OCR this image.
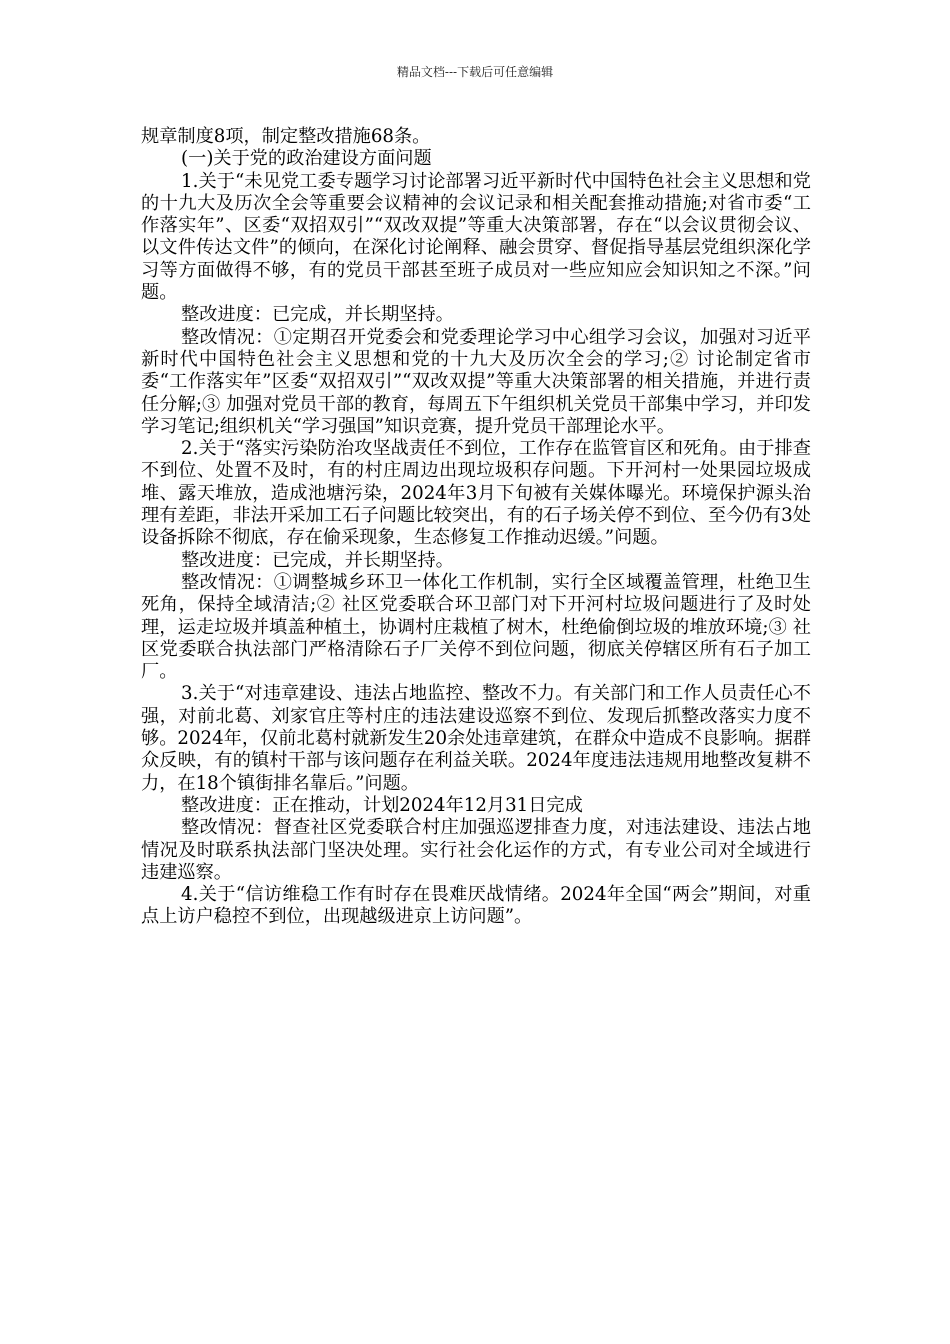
精品文档---下载后可任意编辑

规章制度8项，制定整改措施68条。

(一)关于党的政治建设方面问题

1.关于“未见党工委专题学习讨论部署习近平新时代中国特色社会主义思想和党的十九大及历次全会等重要会议精神的会议记录和相关配套推动措施;对省市委“工作落实年”、区委“双招双引”“双改双提”等重大决策部署，存在“以会议贯彻会议、以文件传达文件”的倾向，在深化讨论阐释、融会贯穿、督促指导基层党组织深化学习等方面做得不够，有的党员干部甚至班子成员对一些应知应会知识知之不深。”问题。

整改进度：已完成，并长期坚持。

整改情况：①定期召开党委会和党委理论学习中心组学习会议，加强对习近平新时代中国特色社会主义思想和党的十九大及历次全会的学习;② 讨论制定省市委“工作落实年”区委“双招双引”“双改双提”等重大决策部署的相关措施，并进行责任分解;③ 加强对党员干部的教育，每周五下午组织机关党员干部集中学习，并印发学习笔记;组织机关“学习强国”知识竞赛，提升党员干部理论水平。

2.关于“落实污染防治攻坚战责任不到位，工作存在监管盲区和死角。由于排查不到位、处置不及时，有的村庄周边出现垃圾积存问题。下开河村一处果园垃圾成堆、露天堆放，造成池塘污染，2024年3月下旬被有关媒体曝光。环境保护源头治理有差距，非法开采加工石子问题比较突出，有的石子场关停不到位、至今仍有3处设备拆除不彻底，存在偷采现象，生态修复工作推动迟缓。”问题。

整改进度：已完成，并长期坚持。

整改情况：①调整城乡环卫一体化工作机制，实行全区域覆盖管理，杜绝卫生死角，保持全域清洁;② 社区党委联合环卫部门对下开河村垃圾问题进行了及时处理，运走垃圾并填盖种植土，协调村庄栽植了树木，杜绝偷倒垃圾的堆放环境;③ 社区党委联合执法部门严格清除石子厂关停不到位问题，彻底关停辖区所有石子加工厂。

3.关于“对违章建设、违法占地监控、整改不力。有关部门和工作人员责任心不强，对前北葛、刘家官庄等村庄的违法建设巡察不到位、发现后抓整改落实力度不够。2024年，仅前北葛村就新发生20余处违章建筑，在群众中造成不良影响。据群众反映，有的镇村干部与该问题存在利益关联。2024年度违法违规用地整改复耕不力，在18个镇街排名靠后。”问题。

整改进度：正在推动，计划2024年12月31日完成

整改情况：督查社区党委联合村庄加强巡逻排查力度，对违法建设、违法占地情况及时联系执法部门坚决处理。实行社会化运作的方式，有专业公司对全域进行违建巡察。

4.关于“信访维稳工作有时存在畏难厌战情绪。2024年全国“两会”期间，对重点上访户稳控不到位，出现越级进京上访问题”。
